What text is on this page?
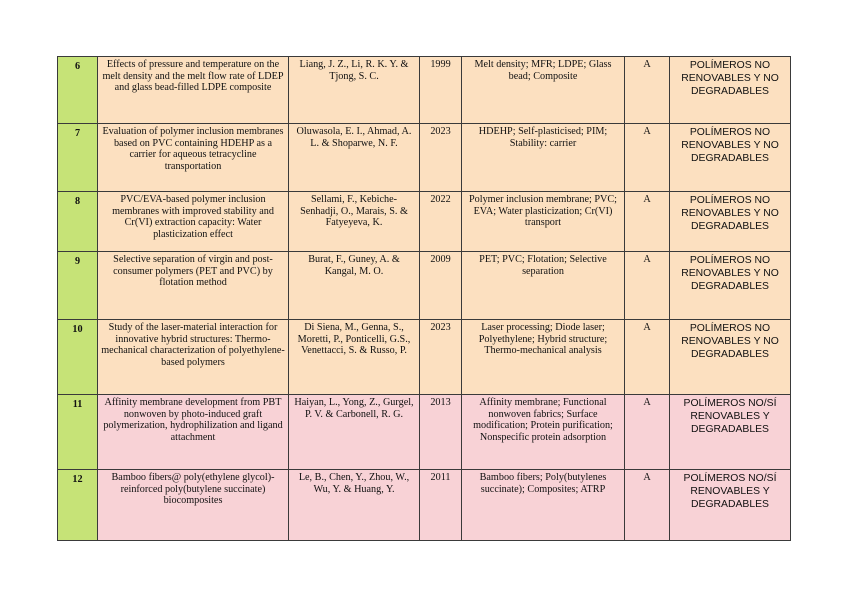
6	Effects of pressure and temperature on the melt density and the melt flow rate of LDEP and glass bead-filled LDPE composite	Liang, J. Z., Li, R. K. Y. & Tjong, S. C.	1999	Melt density; MFR; LDPE; Glass bead; Composite	A	POLÍMEROS NO RENOVABLES Y NO DEGRADABLES
7	Evaluation of polymer inclusion membranes based on PVC containing HDEHP as a carrier for aqueous tetracycline transportation	Oluwasola, E. I., Ahmad, A. L. & Shoparwe, N. F.	2023	HDEHP; Self-plasticised; PIM; Stability: carrier	A	POLÍMEROS NO RENOVABLES Y NO DEGRADABLES
8	PVC/EVA-based polymer inclusion membranes with improved stability and Cr(VI) extraction capacity: Water plasticization effect	Sellami, F., Kebiche-Senhadji, O., Marais, S. & Fatyeyeva, K.	2022	Polymer inclusion membrane; PVC; EVA; Water plasticization; Cr(VI) transport	A	POLÍMEROS NO RENOVABLES Y NO DEGRADABLES
9	Selective separation of virgin and post-consumer polymers (PET and PVC) by flotation method	Burat, F., Guney, A. & Kangal, M. O.	2009	PET; PVC; Flotation; Selective separation	A	POLÍMEROS NO RENOVABLES Y NO DEGRADABLES
10	Study of the laser-material interaction for innovative hybrid structures: Thermo-mechanical characterization of polyethylene-based polymers	Di Siena, M., Genna, S., Moretti, P., Ponticelli, G.S., Venettacci, S. & Russo, P.	2023	Laser processing; Diode laser; Polyethylene; Hybrid structure; Thermo-mechanical analysis	A	POLÍMEROS NO RENOVABLES Y NO DEGRADABLES
11	Affinity membrane development from PBT nonwoven by photo-induced graft polymerization, hydrophilization and ligand attachment	Haiyan, L., Yong, Z., Gurgel, P. V. & Carbonell, R. G.	2013	Affinity membrane; Functional nonwoven fabrics; Surface modification; Protein purification; Nonspecific protein adsorption	A	POLÍMEROS NO/SÍ RENOVABLES Y DEGRADABLES
12	Bamboo fibers@ poly(ethylene glycol)-reinforced poly(butylene succinate) biocomposites	Le, B., Chen, Y., Zhou, W., Wu, Y. & Huang, Y.	2011	Bamboo fibers; Poly(butylenes succinate); Composites; ATRP	A	POLÍMEROS NO/SÍ RENOVABLES Y DEGRADABLES
